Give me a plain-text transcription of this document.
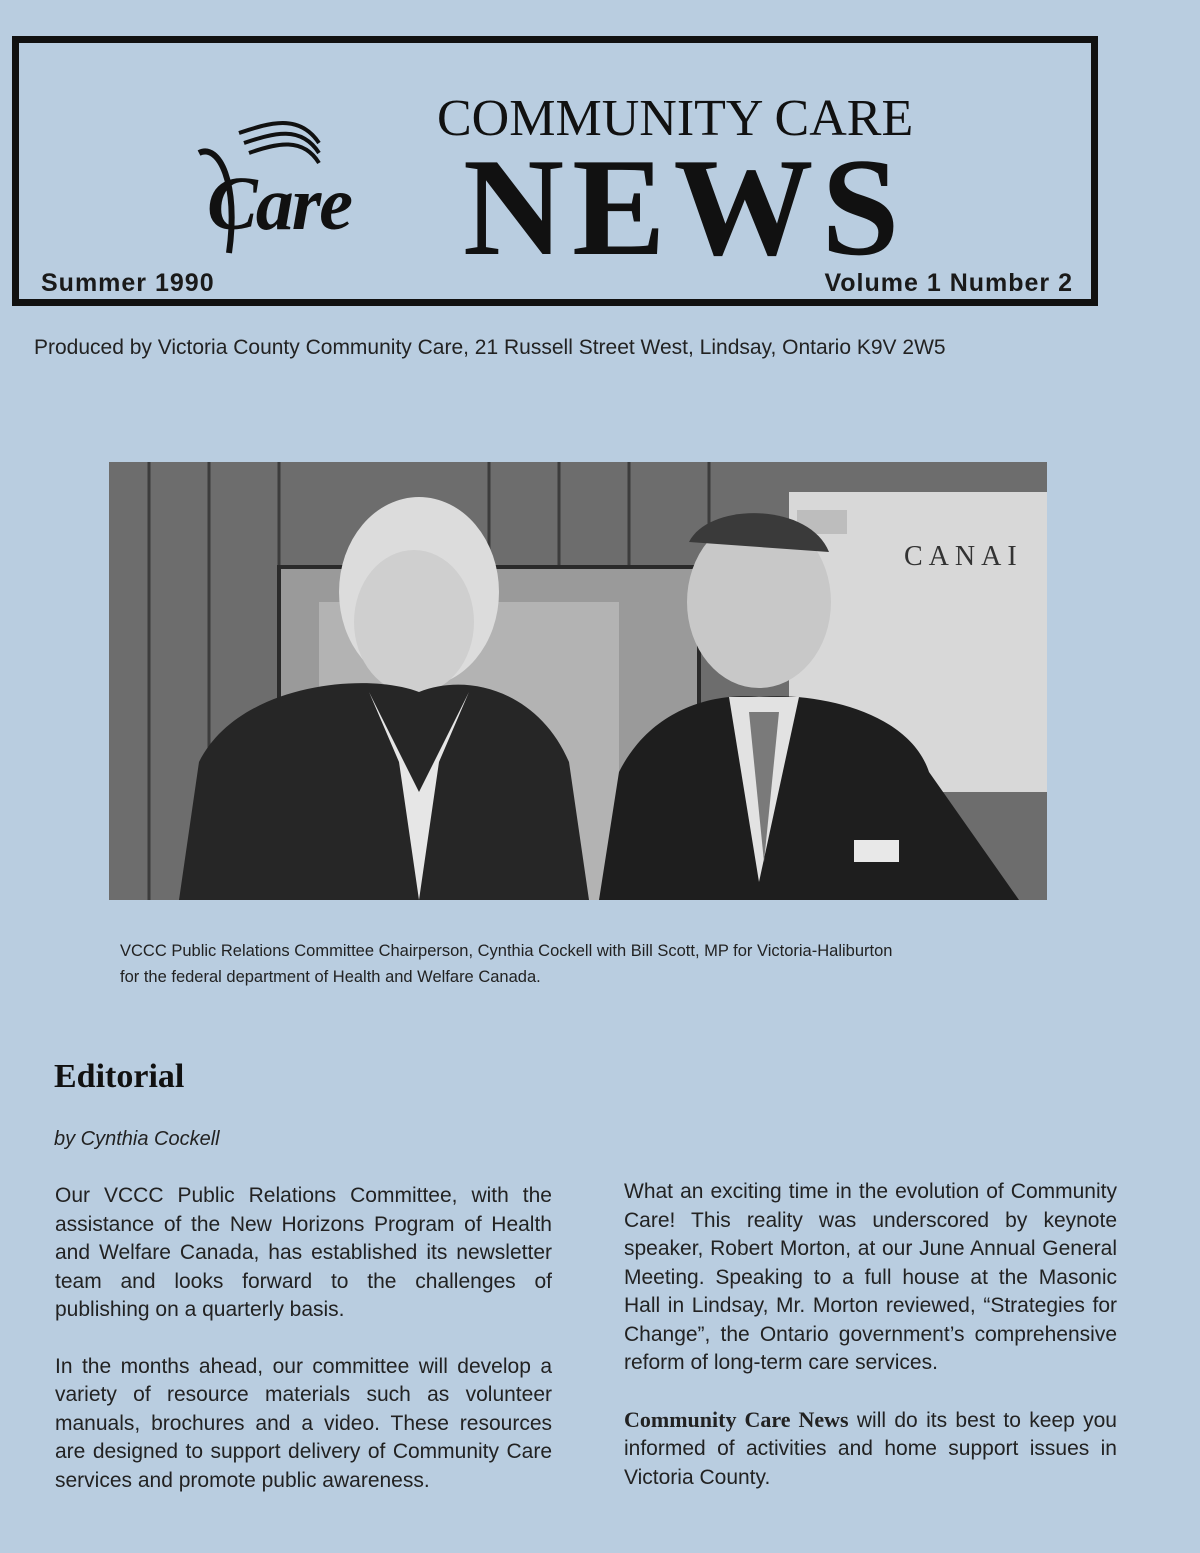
Care
COMMUNITY CARE
NEWS
Summer 1990	Volume 1 Number 2
Produced by Victoria County Community Care, 21 Russell Street West, Lindsay, Ontario K9V 2W5
CANAI
VCCC Public Relations Committee Chairperson, Cynthia Cockell with Bill Scott, MP for Victoria-Haliburton
for the federal department of Health and Welfare Canada.
Editorial
by Cynthia Cockell

Our VCCC Public Relations Committee, with the assistance of the New Horizons Program of Health and Welfare Canada, has established its newsletter team and looks forward to the challenges of publishing on a quarterly basis.

In the months ahead, our committee will develop a variety of resource materials such as volunteer manuals, brochures and a video. These resources are designed to support delivery of Community Care services and promote public awareness.

What an exciting time in the evolution of Community Care! This reality was underscored by keynote speaker, Robert Morton, at our June Annual General Meeting. Speaking to a full house at the Masonic Hall in Lindsay, Mr. Morton reviewed, “Strategies for Change”, the Ontario government’s comprehensive reform of long-term care services.

Community Care News will do its best to keep you informed of activities and home support issues in Victoria County.
